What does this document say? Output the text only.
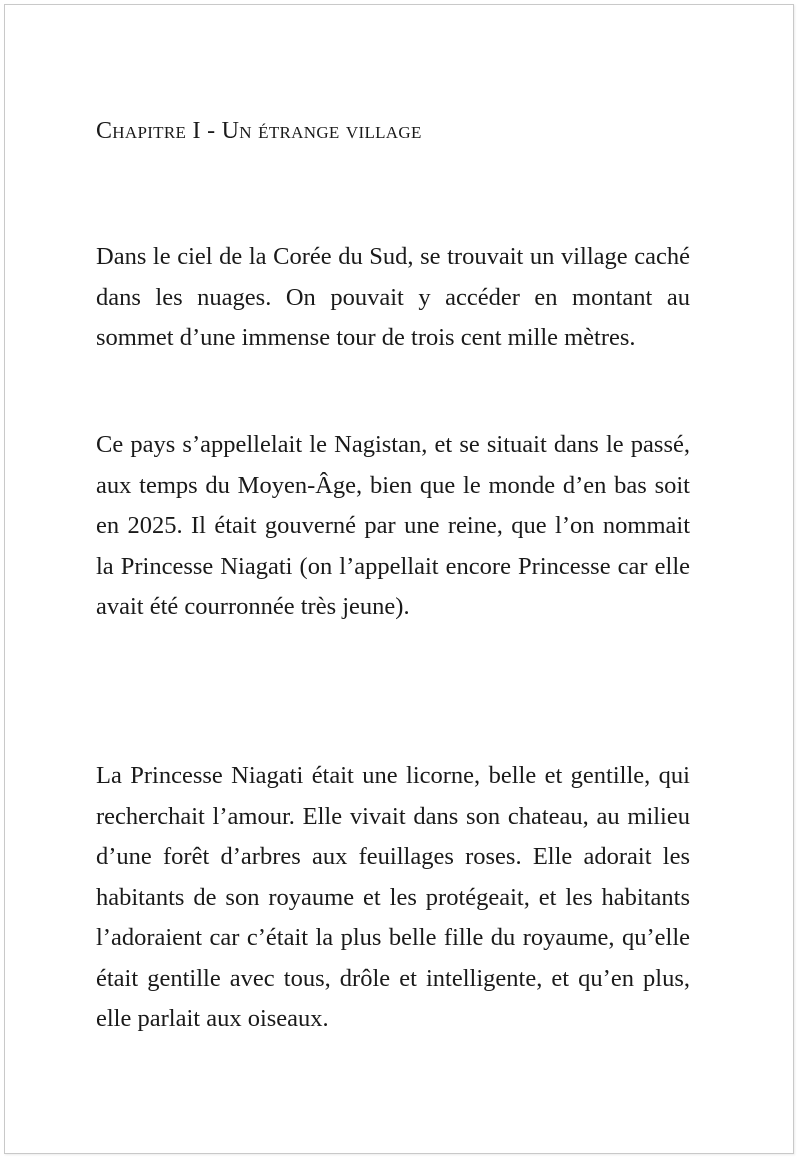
Chapitre I - Un étrange village

Dans le ciel de la Corée du Sud, se trouvait un village caché dans les nuages. On pouvait y accéder en montant au sommet d’une immense tour de trois cent mille mètres.

Ce pays s’appellelait le Nagistan, et se situait dans le passé, aux temps du Moyen-Âge, bien que le monde d’en bas soit en 2025. Il était gouverné par une reine, que l’on nommait la Princesse Niagati (on l’appellait encore Princesse car elle avait été courronnée très jeune).

La Princesse Niagati était une licorne, belle et gentille, qui recherchait l’amour. Elle vivait dans son chateau, au milieu d’une forêt d’arbres aux feuillages roses. Elle adorait les habitants de son royaume et les protégeait, et les habitants l’adoraient car c’était la plus belle fille du royaume, qu’elle était gentille avec tous, drôle et intelligente, et qu’en plus, elle parlait aux oiseaux.
